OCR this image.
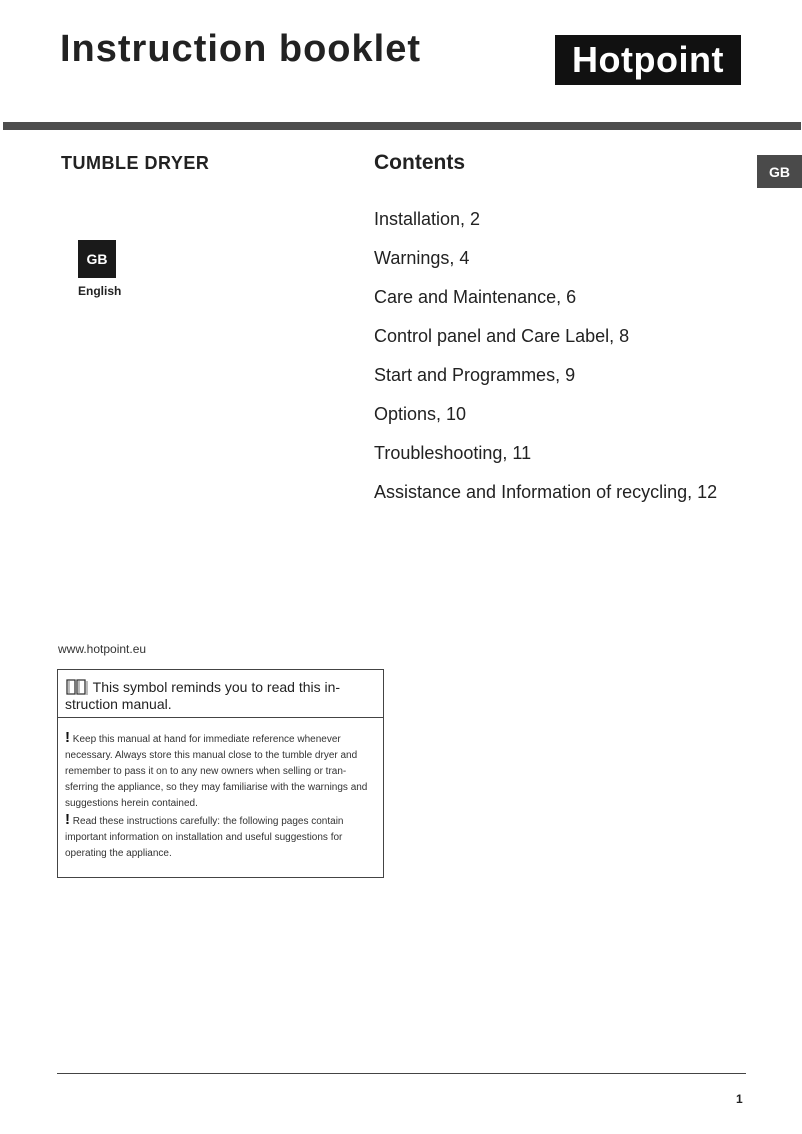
Instruction booklet	Hotpoint
GB
TUMBLE DRYER
GB
English
Contents
Installation, 2
Warnings, 4
Care and Maintenance, 6
Control panel and Care Label, 8
Start and Programmes, 9
Options, 10
Troubleshooting, 11
Assistance and Information of recycling, 12
www.hotpoint.eu
This symbol reminds you to read this in-struction manual.
! Keep this manual at hand for immediate reference whenever necessary. Always store this manual close to the tumble dryer and remember to pass it on to any new owners when selling or tran-sferring the appliance, so they may familiarise with the warnings and suggestions herein contained.
! Read these instructions carefully: the following pages contain important information on installation and useful suggestions for operating the appliance.
1
